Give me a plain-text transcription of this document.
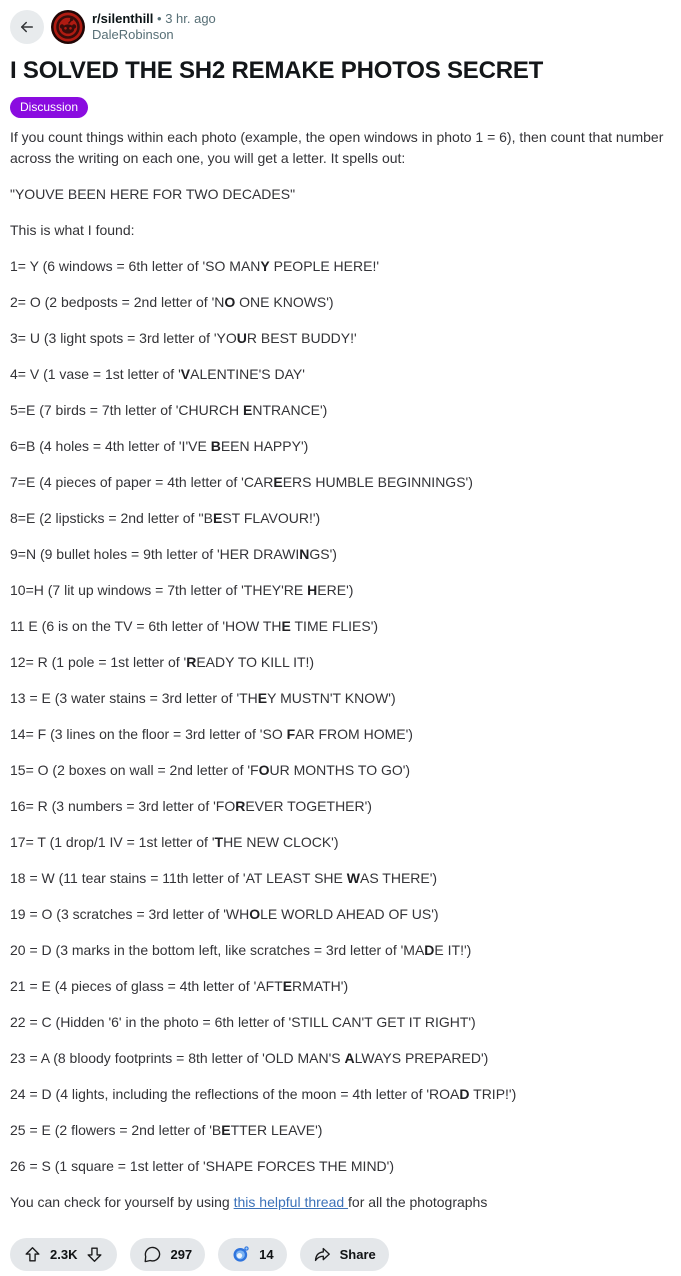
r/silenthill • 3 hr. ago
DaleRobinson
I SOLVED THE SH2 REMAKE PHOTOS SECRET
Discussion

If you count things within each photo (example, the open windows in photo 1 = 6), then count that number across the writing on each one, you will get a letter. It spells out:

"YOUVE BEEN HERE FOR TWO DECADES"

This is what I found:

1= Y (6 windows = 6th letter of 'SO MANY PEOPLE HERE!'

2= O (2 bedposts = 2nd letter of 'NO ONE KNOWS')

3= U (3 light spots = 3rd letter of 'YOUR BEST BUDDY!'

4= V (1 vase = 1st letter of 'VALENTINE'S DAY'

5=E (7 birds = 7th letter of 'CHURCH ENTRANCE')

6=B (4 holes = 4th letter of 'I'VE BEEN HAPPY')

7=E (4 pieces of paper = 4th letter of 'CAREERS HUMBLE BEGINNINGS')

8=E (2 lipsticks = 2nd letter of ''BEST FLAVOUR!')

9=N (9 bullet holes = 9th letter of 'HER DRAWINGS')

10=H (7 lit up windows = 7th letter of 'THEY'RE HERE')

11 E (6 is on the TV = 6th letter of 'HOW THE TIME FLIES')

12= R (1 pole = 1st letter of 'READY TO KILL IT!)

13 = E (3 water stains = 3rd letter of 'THEY MUSTN'T KNOW')

14= F (3 lines on the floor = 3rd letter of 'SO FAR FROM HOME')

15= O (2 boxes on wall = 2nd letter of 'FOUR MONTHS TO GO')

16= R (3 numbers = 3rd letter of 'FOREVER TOGETHER')

17= T (1 drop/1 IV = 1st letter of 'THE NEW CLOCK')

18 = W (11 tear stains = 11th letter of 'AT LEAST SHE WAS THERE')

19 = O (3 scratches = 3rd letter of 'WHOLE WORLD AHEAD OF US')

20 = D (3 marks in the bottom left, like scratches = 3rd letter of 'MADE IT!')

21 = E (4 pieces of glass = 4th letter of 'AFTERMATH')

22 = C (Hidden '6' in the photo = 6th letter of 'STILL CAN'T GET IT RIGHT')

23 = A (8 bloody footprints = 8th letter of 'OLD MAN'S ALWAYS PREPARED')

24 = D (4 lights, including the reflections of the moon = 4th letter of 'ROAD TRIP!')

25 = E (2 flowers = 2nd letter of 'BETTER LEAVE')

26 = S (1 square = 1st letter of 'SHAPE FORCES THE MIND')

You can check for yourself by using this helpful thread for all the photographs

2.3K	297	14	Share
